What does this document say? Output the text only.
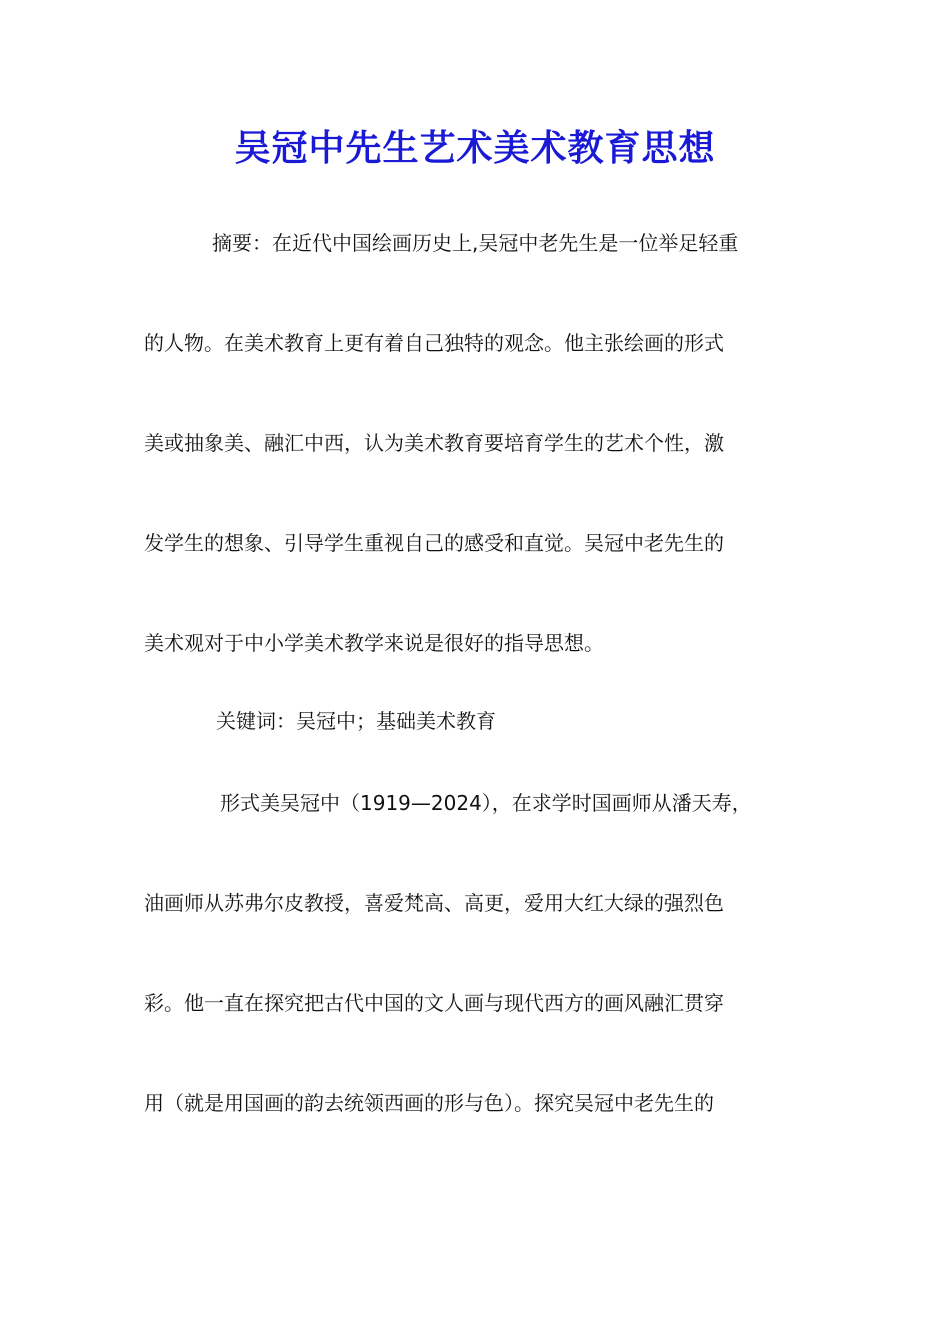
吴冠中先生艺术美术教育思想
摘要：在近代中国绘画历史上,吴冠中老先生是一位举足轻重
的人物。在美术教育上更有着自己独特的观念。他主张绘画的形式
美或抽象美、融汇中西，认为美术教育要培育学生的艺术个性，激
发学生的想象、引导学生重视自己的感受和直觉。吴冠中老先生的
美术观对于中小学美术教学来说是很好的指导思想。
关键词：吴冠中；基础美术教育
形式美吴冠中（1919—2024），在求学时国画师从潘天寿，
油画师从苏弗尔皮教授，喜爱梵高、高更，爱用大红大绿的强烈色
彩。他一直在探究把古代中国的文人画与现代西方的画风融汇贯穿
用（就是用国画的韵去统领西画的形与色）。探究吴冠中老先生的
